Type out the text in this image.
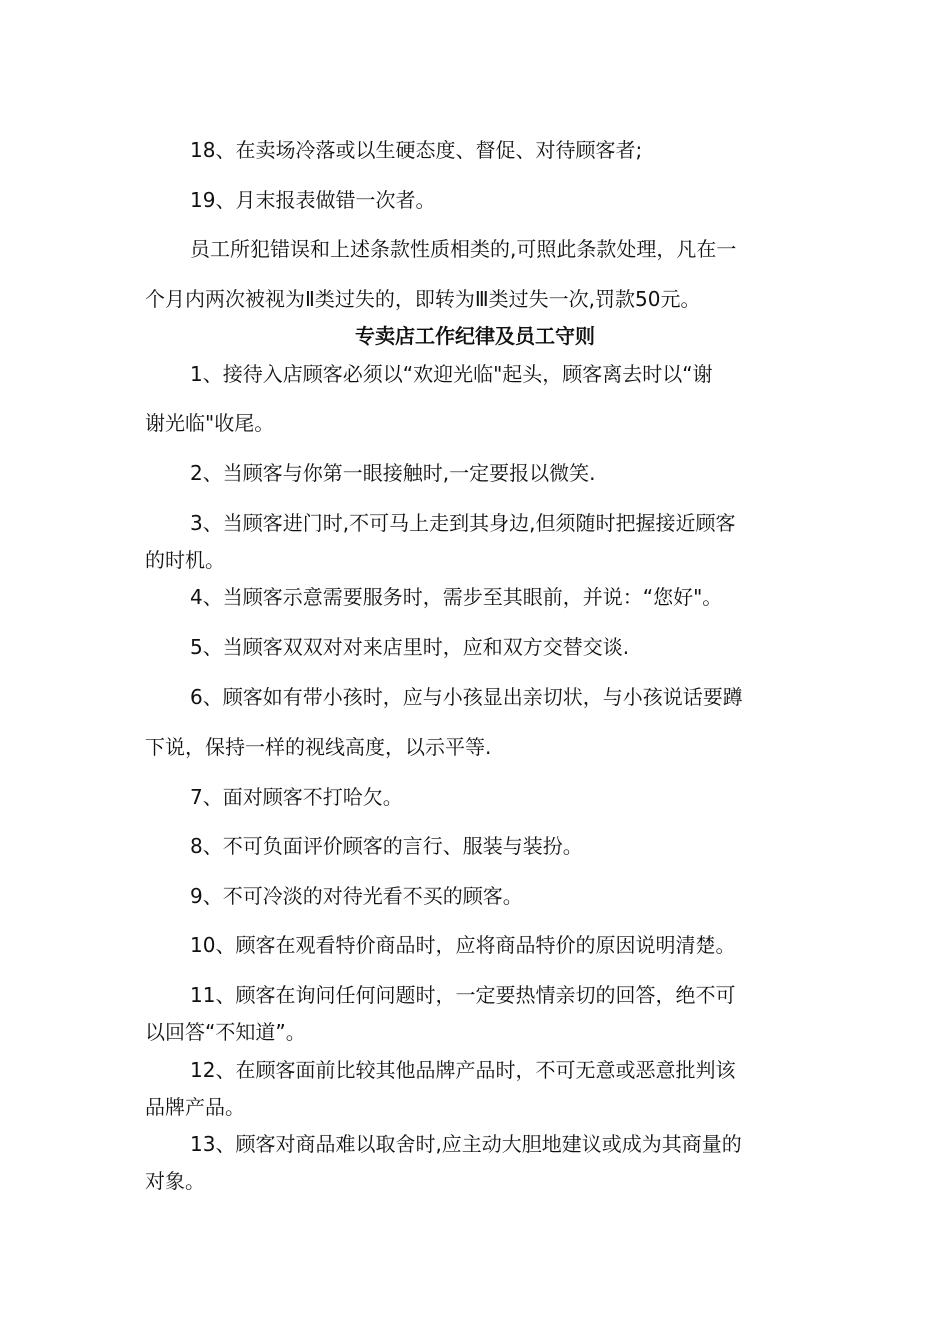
18、在卖场冷落或以生硬态度、督促、对待顾客者;
19、月末报表做错一次者。
员工所犯错误和上述条款性质相类的,可照此条款处理，凡在一
个月内两次被视为Ⅱ类过失的，即转为Ⅲ类过失一次,罚款50元。
专卖店工作纪律及员工守则
1、接待入店顾客必须以“欢迎光临"起头，顾客离去时以“谢
谢光临"收尾。
2、当顾客与你第一眼接触时,一定要报以微笑.
3、当顾客进门时,不可马上走到其身边,但须随时把握接近顾客
的时机。
4、当顾客示意需要服务时，需步至其眼前，并说：“您好"。
5、当顾客双双对对来店里时，应和双方交替交谈.
6、顾客如有带小孩时，应与小孩显出亲切状，与小孩说话要蹲
下说，保持一样的视线高度，以示平等.
7、面对顾客不打哈欠。
8、不可负面评价顾客的言行、服装与装扮。
9、不可冷淡的对待光看不买的顾客。
10、顾客在观看特价商品时，应将商品特价的原因说明清楚。
11、顾客在询问任何问题时，一定要热情亲切的回答，绝不可
以回答“不知道”。
12、在顾客面前比较其他品牌产品时，不可无意或恶意批判该
品牌产品。
13、顾客对商品难以取舍时,应主动大胆地建议或成为其商量的
对象。
